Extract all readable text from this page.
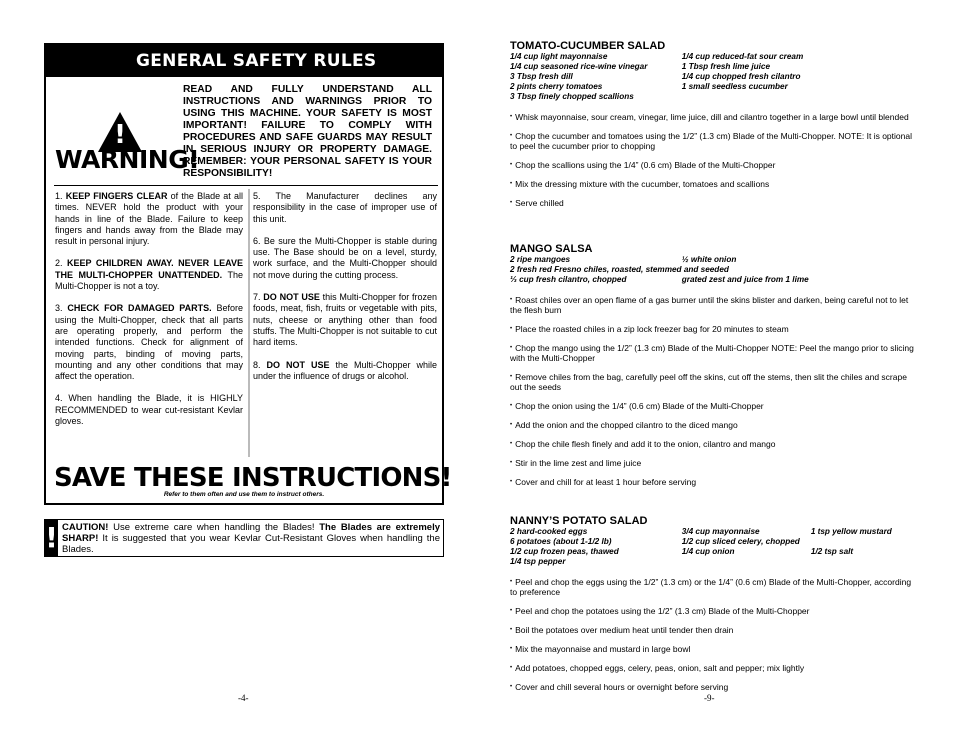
GENERAL SAFETY RULES
!
WARNING!
READ AND FULLY UNDERSTAND ALL INSTRUCTIONS AND WARNINGS PRIOR TO USING THIS MACHINE. YOUR SAFETY IS MOST IMPORTANT! FAILURE TO COMPLY WITH PROCEDURES AND SAFE GUARDS MAY RESULT IN SERIOUS INJURY OR PROPERTY DAMAGE. REMEMBER: YOUR PERSONAL SAFETY IS YOUR RESPONSIBILITY!
1. KEEP FINGERS CLEAR of the Blade at all times. NEVER hold the product with your hands in line of the Blade. Failure to keep fingers and hands away from the Blade may result in personal injury.
2. KEEP CHILDREN AWAY. NEVER LEAVE THE MULTI-CHOPPER UNATTENDED. The Multi-Chopper is not a toy.
3. CHECK FOR DAMAGED PARTS. Before using the Multi-Chopper, check that all parts are operating properly, and perform the intended functions. Check for alignment of moving parts, binding of moving parts, mounting and any other conditions that may affect the operation.
4. When handling the Blade, it is HIGHLY RECOMMENDED to wear cut-resistant Kevlar gloves.
5. The Manufacturer declines any responsibility in the case of improper use of this unit.
6. Be sure the Multi-Chopper is stable during use. The Base should be on a level, sturdy, work surface, and the Multi-Chopper should not move during the cutting process.
7. DO NOT USE this Multi-Chopper for frozen foods, meat, fish, fruits or vegetable with pits, nuts, cheese or anything other than food stuffs. The Multi-Chopper is not suitable to cut hard items.
8. DO NOT USE the Multi-Chopper while under the influence of drugs or alcohol.
SAVE THESE INSTRUCTIONS!
Refer to them often and use them to instruct others.
! CAUTION! Use extreme care when handling the Blades! The Blades are extremely SHARP! It is suggested that you wear Kevlar Cut-Resistant Gloves when handling the Blades.
-4-
TOMATO-CUCUMBER SALAD
1/4 cup light mayonnaise	1/4 cup reduced-fat sour cream
1/4 cup seasoned rice-wine vinegar	1 Tbsp fresh lime juice
3 Tbsp fresh dill	1/4 cup chopped fresh cilantro
2 pints cherry tomatoes	1 small seedless cucumber
3 Tbsp finely chopped scallions
• Whisk mayonnaise, sour cream, vinegar, lime juice, dill and cilantro together in a large bowl until blended
• Chop the cucumber and tomatoes using the 1/2” (1.3 cm) Blade of the Multi-Chopper. NOTE: It is optional to peel the cucumber prior to chopping
• Chop the scallions using the 1/4” (0.6 cm) Blade of the Multi-Chopper
• Mix the dressing mixture with the cucumber, tomatoes and scallions
• Serve chilled
MANGO SALSA
2 ripe mangoes	½ white onion
2 fresh red Fresno chiles, roasted, stemmed and seeded
⅓ cup fresh cilantro, chopped	grated zest and juice from 1 lime
• Roast chiles over an open flame of a gas burner until the skins blister and darken, being careful not to let the flesh burn
• Place the roasted chiles in a zip lock freezer bag for 20 minutes to steam
• Chop the mango using the 1/2” (1.3 cm) Blade of the Multi-Chopper NOTE: Peel the mango prior to slicing with the Multi-Chopper
• Remove chiles from the bag, carefully peel off the skins, cut off the stems, then slit the chiles and scrape out the seeds
• Chop the onion using the 1/4” (0.6 cm) Blade of the Multi-Chopper
• Add the onion and the chopped cilantro to the diced mango
• Chop the chile flesh finely and add it to the onion, cilantro and mango
• Stir in the lime zest and lime juice
• Cover and chill for at least 1 hour before serving
NANNY’S POTATO SALAD
2 hard-cooked eggs	3/4 cup mayonnaise	1 tsp yellow mustard
6 potatoes (about 1-1/2 lb)	1/2 cup sliced celery, chopped
1/2 cup frozen peas, thawed	1/4 cup onion	1/2 tsp salt
1/4 tsp pepper
• Peel and chop the eggs using the 1/2” (1.3 cm) or the 1/4” (0.6 cm) Blade of the Multi-Chopper, according to preference
• Peel and chop the potatoes using the 1/2” (1.3 cm) Blade of the Multi-Chopper
• Boil the potatoes over medium heat until tender then drain
• Mix the mayonnaise and mustard in large bowl
• Add potatoes, chopped eggs, celery, peas, onion, salt and pepper; mix lightly
• Cover and chill several hours or overnight before serving
-9-
